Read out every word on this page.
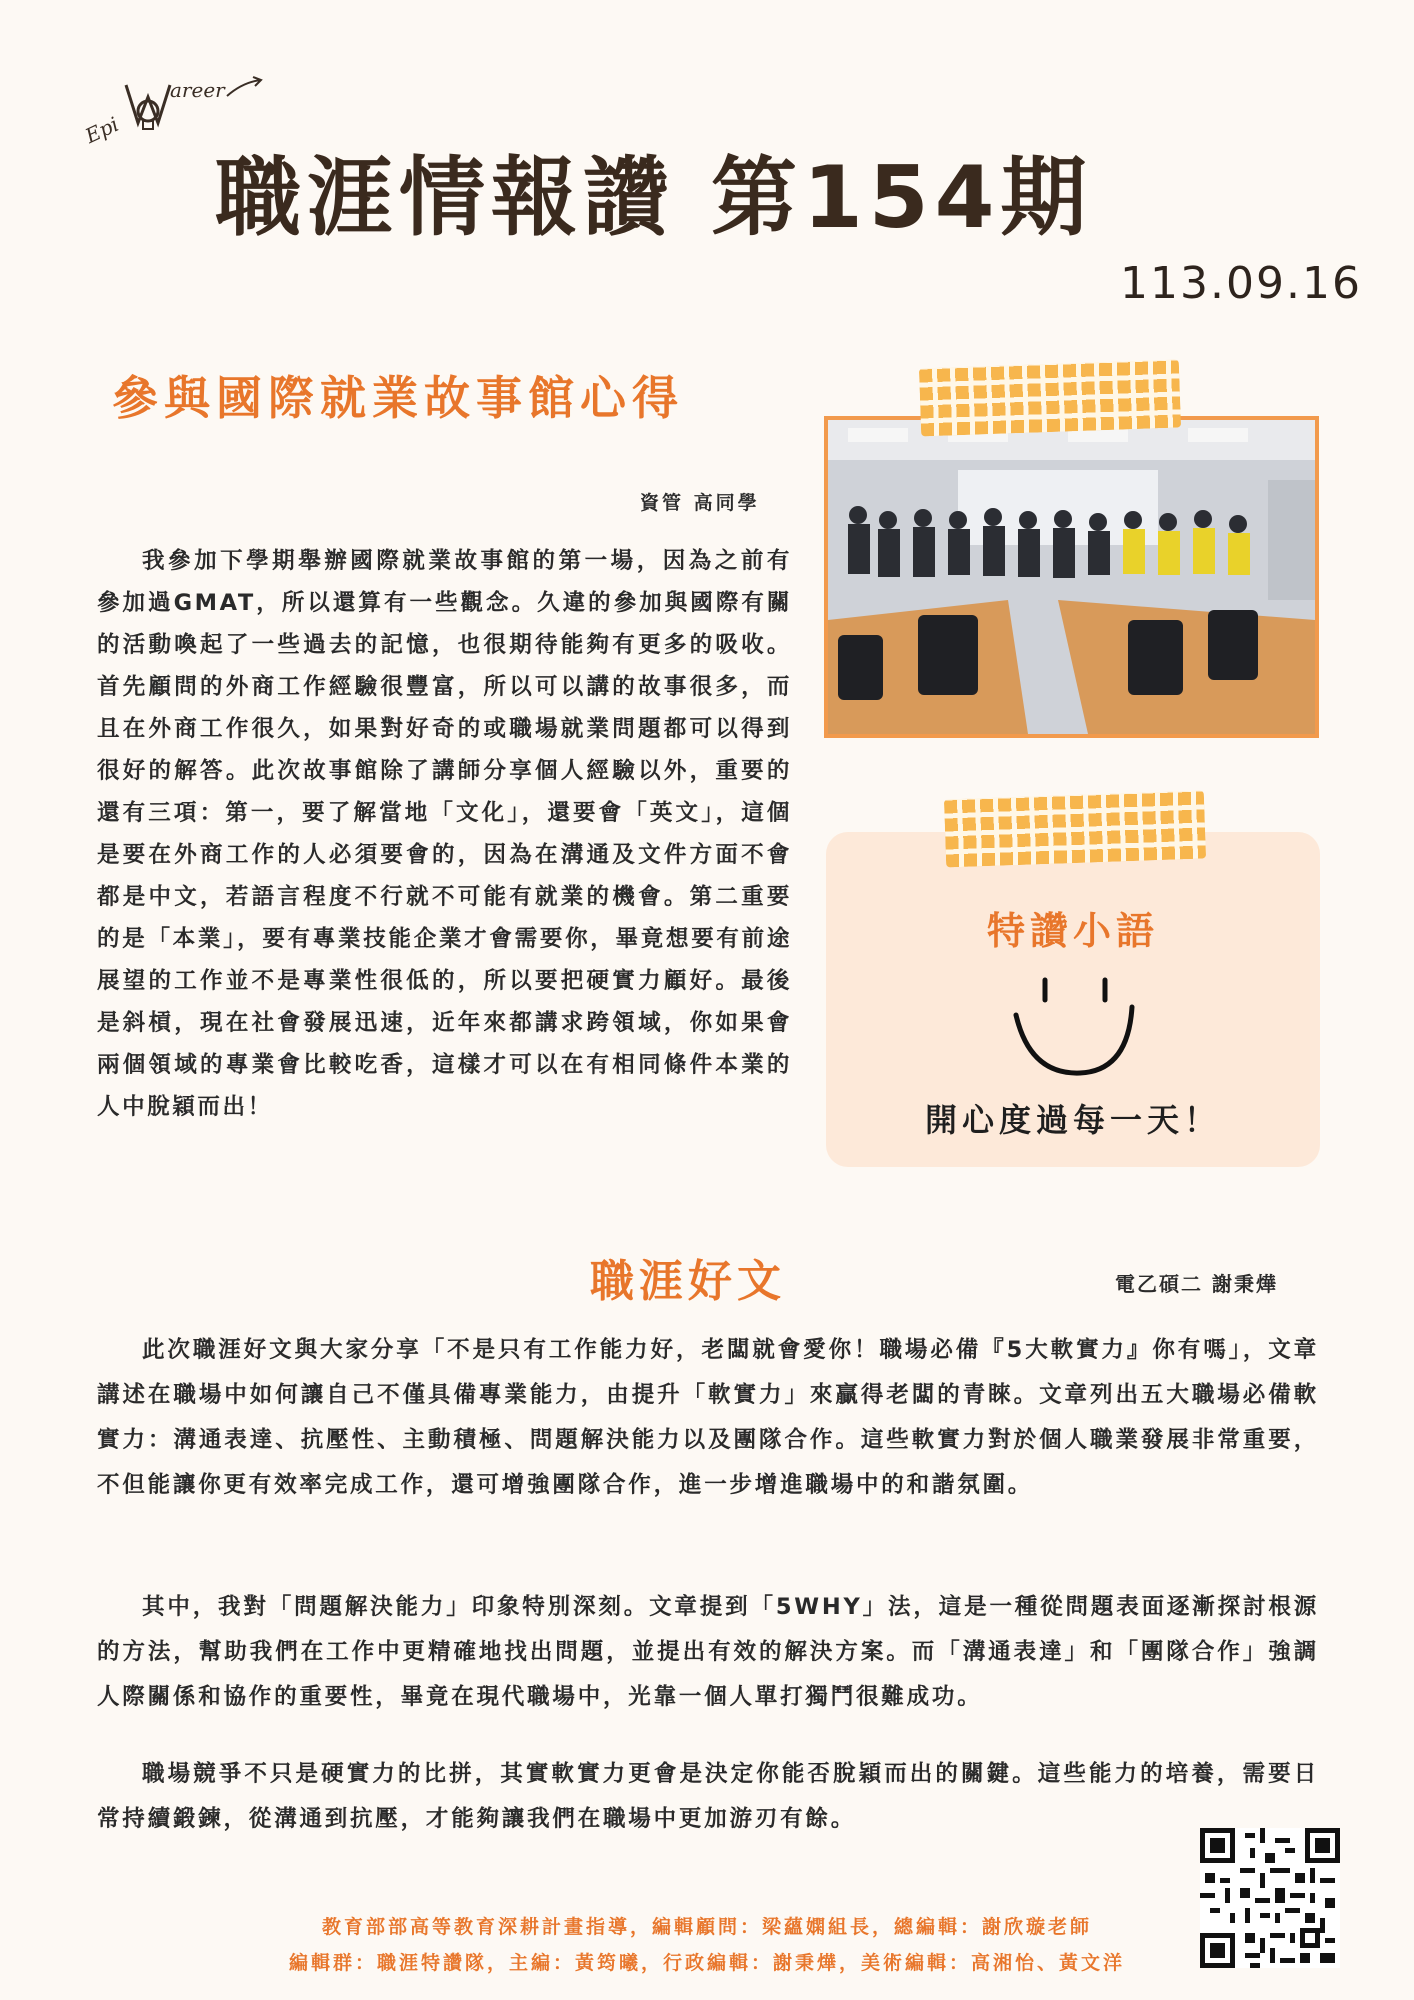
Epi
areer
職涯情報讚 第154期
113.09.16
參與國際就業故事館心得
資管 高同學

我參加下學期舉辦國際就業故事館的第一場，因為之前有參加過GMAT，所以還算有一些觀念。久違的參加與國際有關的活動喚起了一些過去的記憶，也很期待能夠有更多的吸收。首先顧問的外商工作經驗很豐富，所以可以講的故事很多，而且在外商工作很久，如果對好奇的或職場就業問題都可以得到很好的解答。此次故事館除了講師分享個人經驗以外，重要的還有三項：第一，要了解當地「文化」，還要會「英文」，這個是要在外商工作的人必須要會的，因為在溝通及文件方面不會都是中文，若語言程度不行就不可能有就業的機會。第二重要的是「本業」，要有專業技能企業才會需要你，畢竟想要有前途展望的工作並不是專業性很低的，所以要把硬實力顧好。最後是斜槓，現在社會發展迅速，近年來都講求跨領域，你如果會兩個領域的專業會比較吃香，這樣才可以在有相同條件本業的人中脫穎而出！

特讚小語
開心度過每一天！
職涯好文	電乙碩二 謝秉燁

此次職涯好文與大家分享「不是只有工作能力好，老闆就會愛你！職場必備『5大軟實力』你有嗎」，文章講述在職場中如何讓自己不僅具備專業能力，由提升「軟實力」來贏得老闆的青睞。文章列出五大職場必備軟實力：溝通表達、抗壓性、主動積極、問題解決能力以及團隊合作。這些軟實力對於個人職業發展非常重要，不但能讓你更有效率完成工作，還可增強團隊合作，進一步增進職場中的和諧氛圍。

其中，我對「問題解決能力」印象特別深刻。文章提到「5WHY」法，這是一種從問題表面逐漸探討根源的方法，幫助我們在工作中更精確地找出問題，並提出有效的解決方案。而「溝通表達」和「團隊合作」強調人際關係和協作的重要性，畢竟在現代職場中，光靠一個人單打獨鬥很難成功。

職場競爭不只是硬實力的比拼，其實軟實力更會是決定你能否脫穎而出的關鍵。這些能力的培養，需要日常持續鍛鍊，從溝通到抗壓，才能夠讓我們在職場中更加游刃有餘。

教育部部高等教育深耕計畫指導，編輯顧問：梁蘊嫻組長，總編輯：謝欣璇老師
編輯群：職涯特讚隊，主編：黃筠曦，行政編輯：謝秉燁，美術編輯：高湘怡、黃文洋
